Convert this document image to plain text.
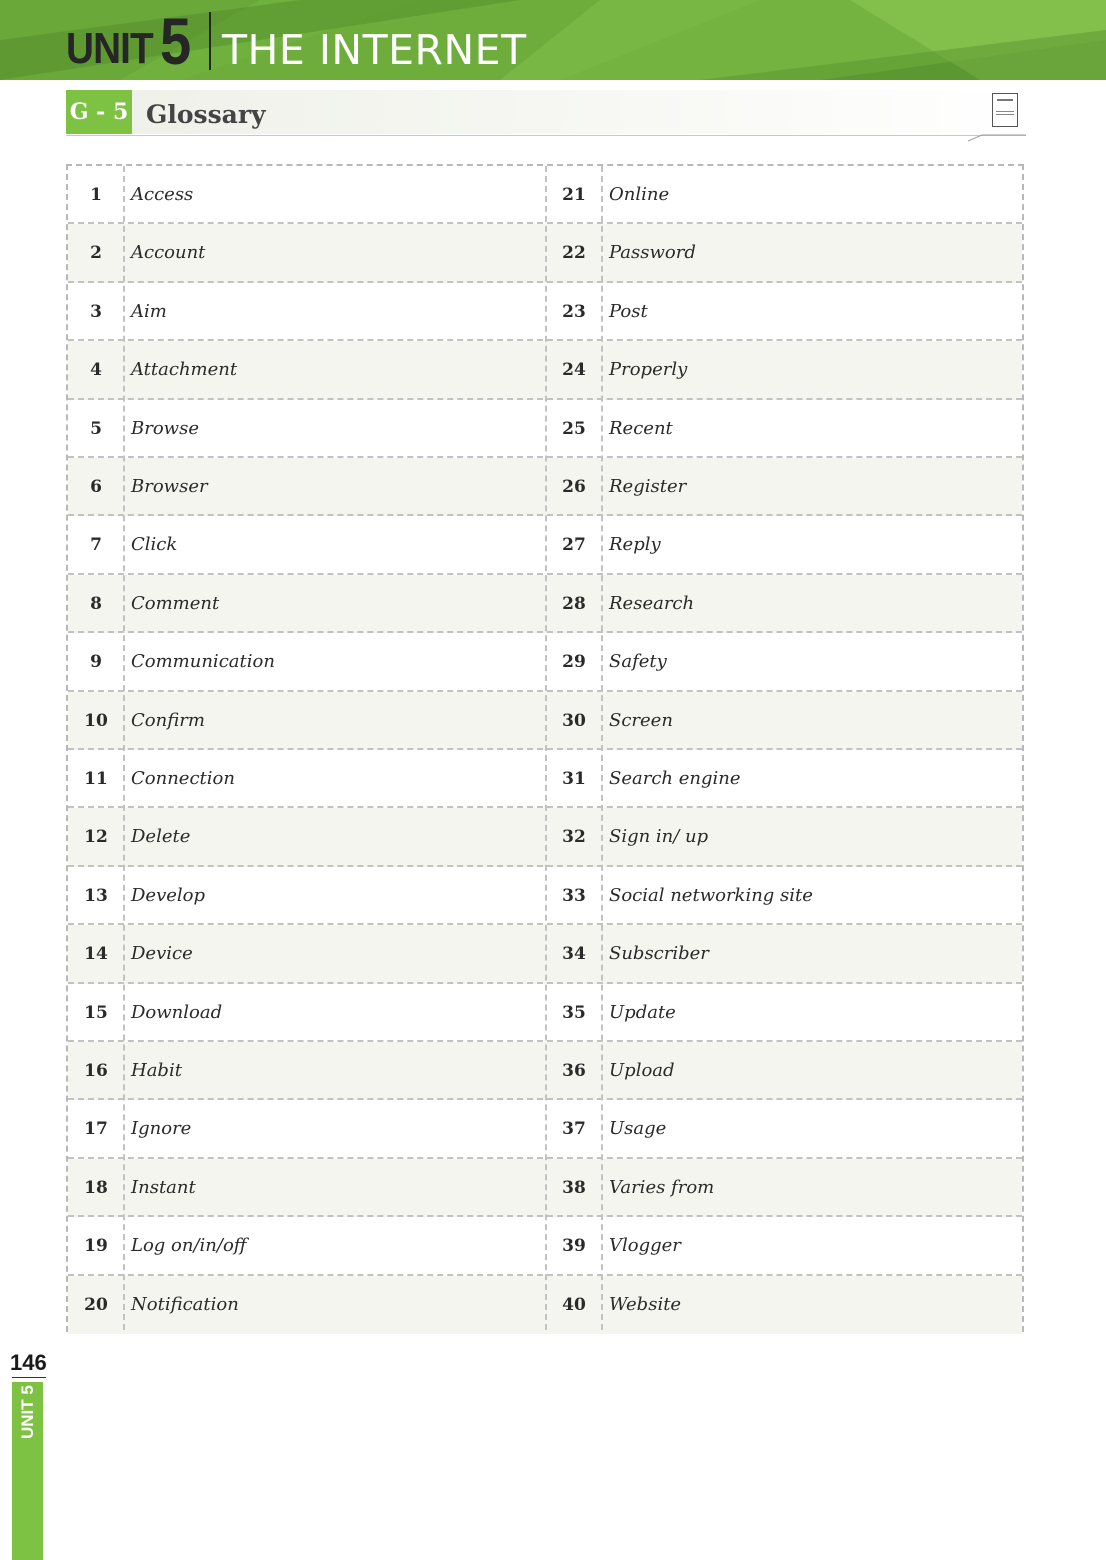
UNIT 5 THE INTERNET
G - 5 Glossary
1	Access	21	Online
2	Account	22	Password
3	Aim	23	Post
4	Attachment	24	Properly
5	Browse	25	Recent
6	Browser	26	Register
7	Click	27	Reply
8	Comment	28	Research
9	Communication	29	Safety
10	Confirm	30	Screen
11	Connection	31	Search engine
12	Delete	32	Sign in/ up
13	Develop	33	Social networking site
14	Device	34	Subscriber
15	Download	35	Update
16	Habit	36	Upload
17	Ignore	37	Usage
18	Instant	38	Varies from
19	Log on/in/off	39	Vlogger
20	Notification	40	Website
146
UNIT 5
